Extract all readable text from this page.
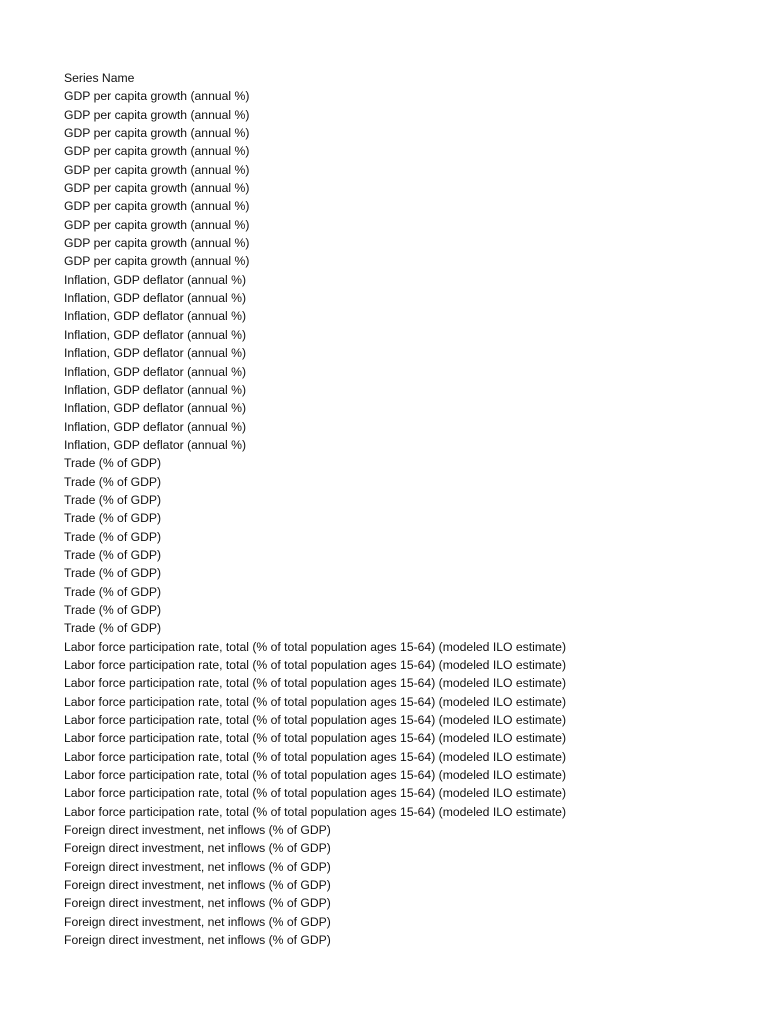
Series Name
GDP per capita growth (annual %)
GDP per capita growth (annual %)
GDP per capita growth (annual %)
GDP per capita growth (annual %)
GDP per capita growth (annual %)
GDP per capita growth (annual %)
GDP per capita growth (annual %)
GDP per capita growth (annual %)
GDP per capita growth (annual %)
GDP per capita growth (annual %)
Inflation, GDP deflator (annual %)
Inflation, GDP deflator (annual %)
Inflation, GDP deflator (annual %)
Inflation, GDP deflator (annual %)
Inflation, GDP deflator (annual %)
Inflation, GDP deflator (annual %)
Inflation, GDP deflator (annual %)
Inflation, GDP deflator (annual %)
Inflation, GDP deflator (annual %)
Inflation, GDP deflator (annual %)
Trade (% of GDP)
Trade (% of GDP)
Trade (% of GDP)
Trade (% of GDP)
Trade (% of GDP)
Trade (% of GDP)
Trade (% of GDP)
Trade (% of GDP)
Trade (% of GDP)
Trade (% of GDP)
Labor force participation rate, total (% of total population ages 15-64) (modeled ILO estimate)
Labor force participation rate, total (% of total population ages 15-64) (modeled ILO estimate)
Labor force participation rate, total (% of total population ages 15-64) (modeled ILO estimate)
Labor force participation rate, total (% of total population ages 15-64) (modeled ILO estimate)
Labor force participation rate, total (% of total population ages 15-64) (modeled ILO estimate)
Labor force participation rate, total (% of total population ages 15-64) (modeled ILO estimate)
Labor force participation rate, total (% of total population ages 15-64) (modeled ILO estimate)
Labor force participation rate, total (% of total population ages 15-64) (modeled ILO estimate)
Labor force participation rate, total (% of total population ages 15-64) (modeled ILO estimate)
Labor force participation rate, total (% of total population ages 15-64) (modeled ILO estimate)
Foreign direct investment, net inflows (% of GDP)
Foreign direct investment, net inflows (% of GDP)
Foreign direct investment, net inflows (% of GDP)
Foreign direct investment, net inflows (% of GDP)
Foreign direct investment, net inflows (% of GDP)
Foreign direct investment, net inflows (% of GDP)
Foreign direct investment, net inflows (% of GDP)
